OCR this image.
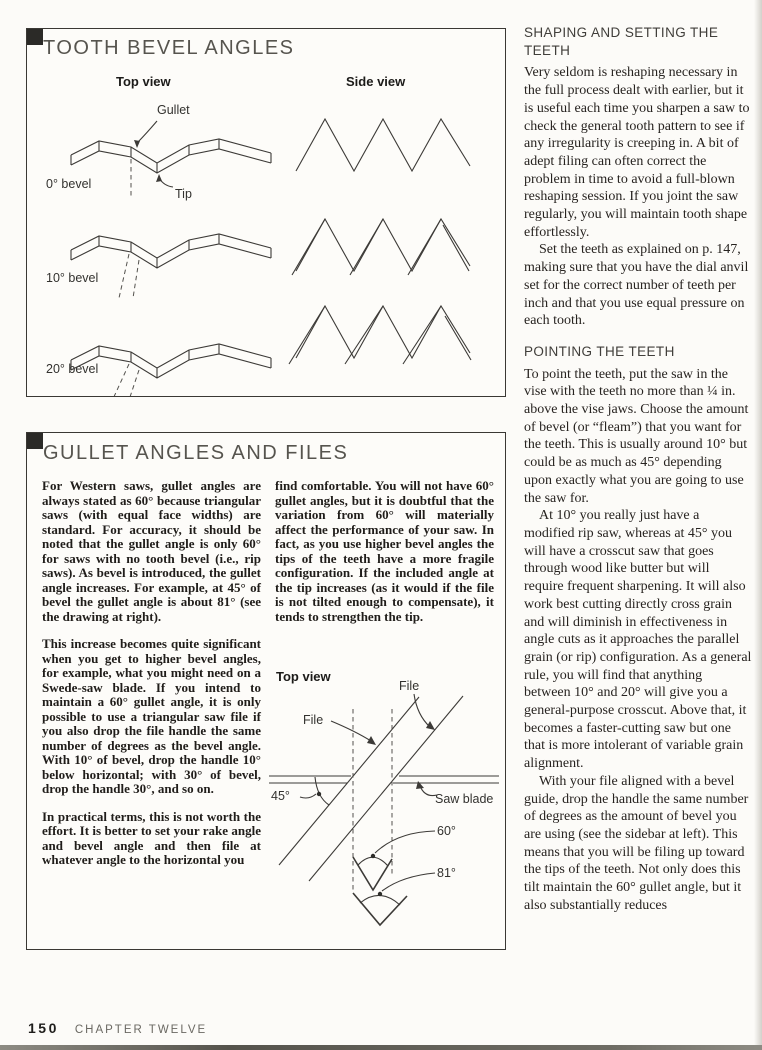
TOOTH BEVEL ANGLES
Top view	Side view
Gullet
Tip
0° bevel
10° bevel
20° bevel
GULLET ANGLES AND FILES

For Western saws, gullet angles are always stated as 60° because triangular saws (with equal face widths) are standard. For accuracy, it should be noted that the gullet angle is only 60° for saws with no tooth bevel (i.e., rip saws). As bevel is introduced, the gullet angle increases. For example, at 45° of bevel the gullet angle is about 81° (see the drawing at right).

This increase becomes quite significant when you get to higher bevel angles, for example, what you might need on a Swede-saw blade. If you intend to maintain a 60° gullet angle, it is only possible to use a triangular saw file if you also drop the file handle the same number of degrees as the bevel angle. With 10° of bevel, drop the handle 10° below horizontal; with 30° of bevel, drop the handle 30°, and so on.

In practical terms, this is not worth the effort. It is better to set your rake angle and bevel angle and then file at whatever angle to the horizontal you

find comfortable. You will not have 60° gullet angles, but it is doubtful that the variation from 60° will materially affect the performance of your saw. In fact, as you use higher bevel angles the tips of the teeth have a more fragile configuration. If the included angle at the tip increases (as it would if the file is not tilted enough to compensate), it tends to strengthen the tip.

Top view
File
File
45°	Saw blade
60°
81°
SHAPING AND SETTING THE TEETH

Very seldom is reshaping necessary in the full process dealt with earlier, but it is useful each time you sharpen a saw to check the general tooth pattern to see if any irregularity is creeping in. A bit of adept filing can often correct the problem in time to avoid a full-blown reshaping session. If you joint the saw regularly, you will maintain tooth shape effortlessly.

Set the teeth as explained on p. 147, making sure that you have the dial anvil set for the correct number of teeth per inch and that you use equal pressure on each tooth.

POINTING THE TEETH

To point the teeth, put the saw in the vise with the teeth no more than ¼ in. above the vise jaws. Choose the amount of bevel (or “fleam”) that you want for the teeth. This is usually around 10° but could be as much as 45° depending upon exactly what you are going to use the saw for.

At 10° you really just have a modified rip saw, whereas at 45° you will have a crosscut saw that goes through wood like butter but will require frequent sharpening. It will also work best cutting directly cross grain and will diminish in effectiveness in angle cuts as it approaches the parallel grain (or rip) configuration. As a general rule, you will find that anything between 10° and 20° will give you a general-purpose crosscut. Above that, it becomes a faster-cutting saw but one that is more intolerant of variable grain alignment.

With your file aligned with a bevel guide, drop the handle the same number of degrees as the amount of bevel you are using (see the sidebar at left). This means that you will be filing up toward the tips of the teeth. Not only does this tilt maintain the 60° gullet angle, but it also substantially reduces

150 CHAPTER TWELVE
